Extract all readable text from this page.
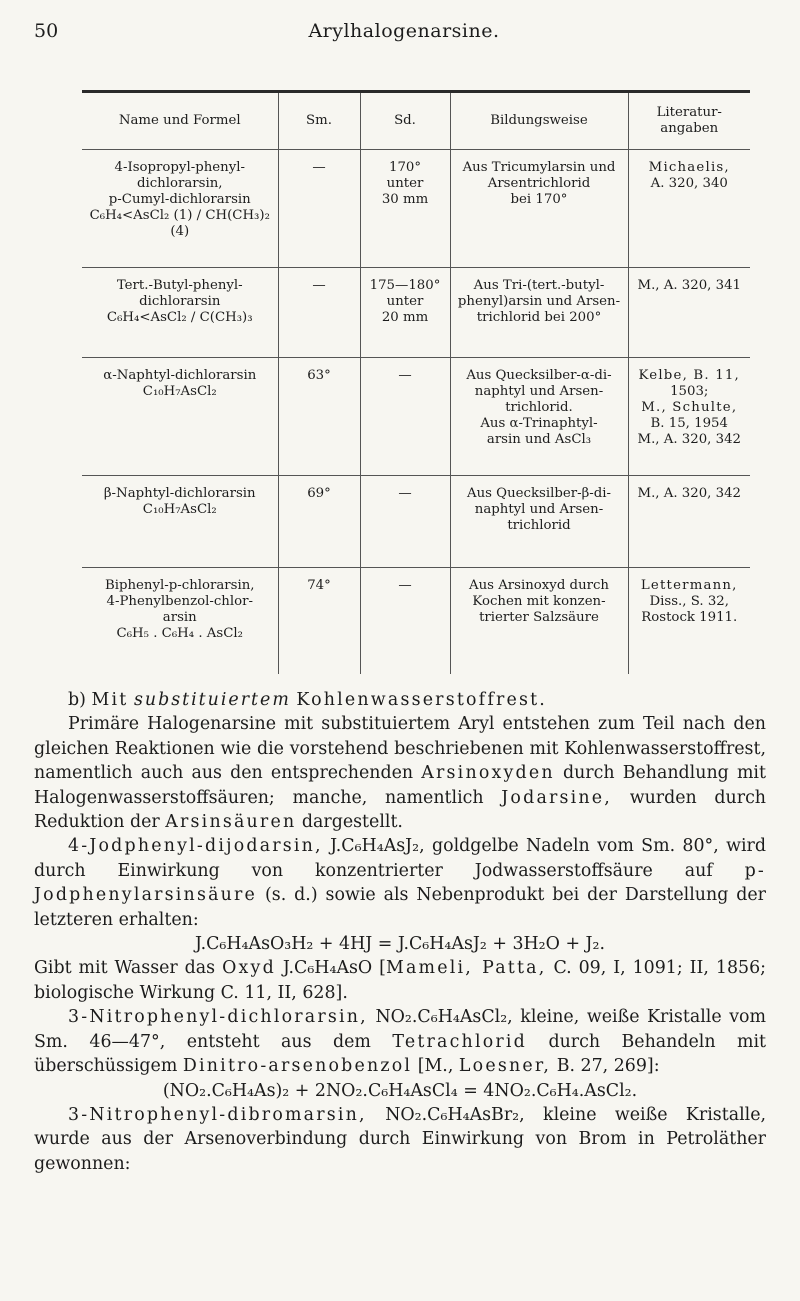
50	Arylhalogenarsine.
Name und Formel	Sm.	Sd.	Bildungsweise	Literatur-angaben

4-Isopropyl-phenyl-
dichlorarsin,
p-Cumyl-dichlorarsin
C₆H₄<AsCl₂ (1) / CH(CH₃)₂ (4)	—	170°
unter
30 mm	Aus Tricumylarsin und
Arsentrichlorid
bei 170°	Michaelis,
A. 320, 340

Tert.-Butyl-phenyl-
dichlorarsin
C₆H₄<AsCl₂ / C(CH₃)₃	—	175—180°
unter
20 mm	Aus Tri-(tert.-butyl-
phenyl)arsin und Arsen-
trichlorid bei 200°	M., A. 320, 341

α-Naphtyl-dichlorarsin
C₁₀H₇AsCl₂	63°	—	Aus Quecksilber-α-di-
naphtyl und Arsen-
trichlorid.
Aus α-Trinaphtyl-
arsin und AsCl₃	Kelbe, B. 11,
1503;
M., Schulte,
B. 15, 1954
M., A. 320, 342

β-Naphtyl-dichlorarsin
C₁₀H₇AsCl₂	69°	—	Aus Quecksilber-β-di-
naphtyl und Arsen-
trichlorid	M., A. 320, 342

Biphenyl-p-chlorarsin,
4-Phenylbenzol-chlor-
arsin
C₆H₅ . C₆H₄ . AsCl₂	74°	—	Aus Arsinoxyd durch
Kochen mit konzen-
trierter Salzsäure	Lettermann,
Diss., S. 32,
Rostock 1911.

b) Mit substituiertem Kohlenwasserstoffrest.

Primäre Halogenarsine mit substituiertem Aryl entstehen zum Teil nach den gleichen Reaktionen wie die vorstehend beschriebenen mit Kohlenwasserstoffrest, namentlich auch aus den entsprechenden Arsinoxyden durch Behandlung mit Halogenwasserstoffsäuren; manche, namentlich Jodarsine, wurden durch Reduktion der Arsinsäuren dargestellt.

4-Jodphenyl-dijodarsin, J.C₆H₄AsJ₂, goldgelbe Nadeln vom Sm. 80°, wird durch Einwirkung von konzentrierter Jodwasserstoffsäure auf p-Jodphenylarsinsäure (s. d.) sowie als Nebenprodukt bei der Darstellung der letzteren erhalten:

J.C₆H₄AsO₃H₂ + 4HJ = J.C₆H₄AsJ₂ + 3H₂O + J₂.

Gibt mit Wasser das Oxyd J.C₆H₄AsO [Mameli, Patta, C. 09, I, 1091; II, 1856; biologische Wirkung C. 11, II, 628].

3-Nitrophenyl-dichlorarsin, NO₂.C₆H₄AsCl₂, kleine, weiße Kristalle vom Sm. 46—47°, entsteht aus dem Tetrachlorid durch Behandeln mit überschüssigem Dinitro-arsenobenzol [M., Loesner, B. 27, 269]:

(NO₂.C₆H₄As)₂ + 2NO₂.C₆H₄AsCl₄ = 4NO₂.C₆H₄.AsCl₂.

3-Nitrophenyl-dibromarsin, NO₂.C₆H₄AsBr₂, kleine weiße Kristalle, wurde aus der Arsenoverbindung durch Einwirkung von Brom in Petroläther gewonnen:
